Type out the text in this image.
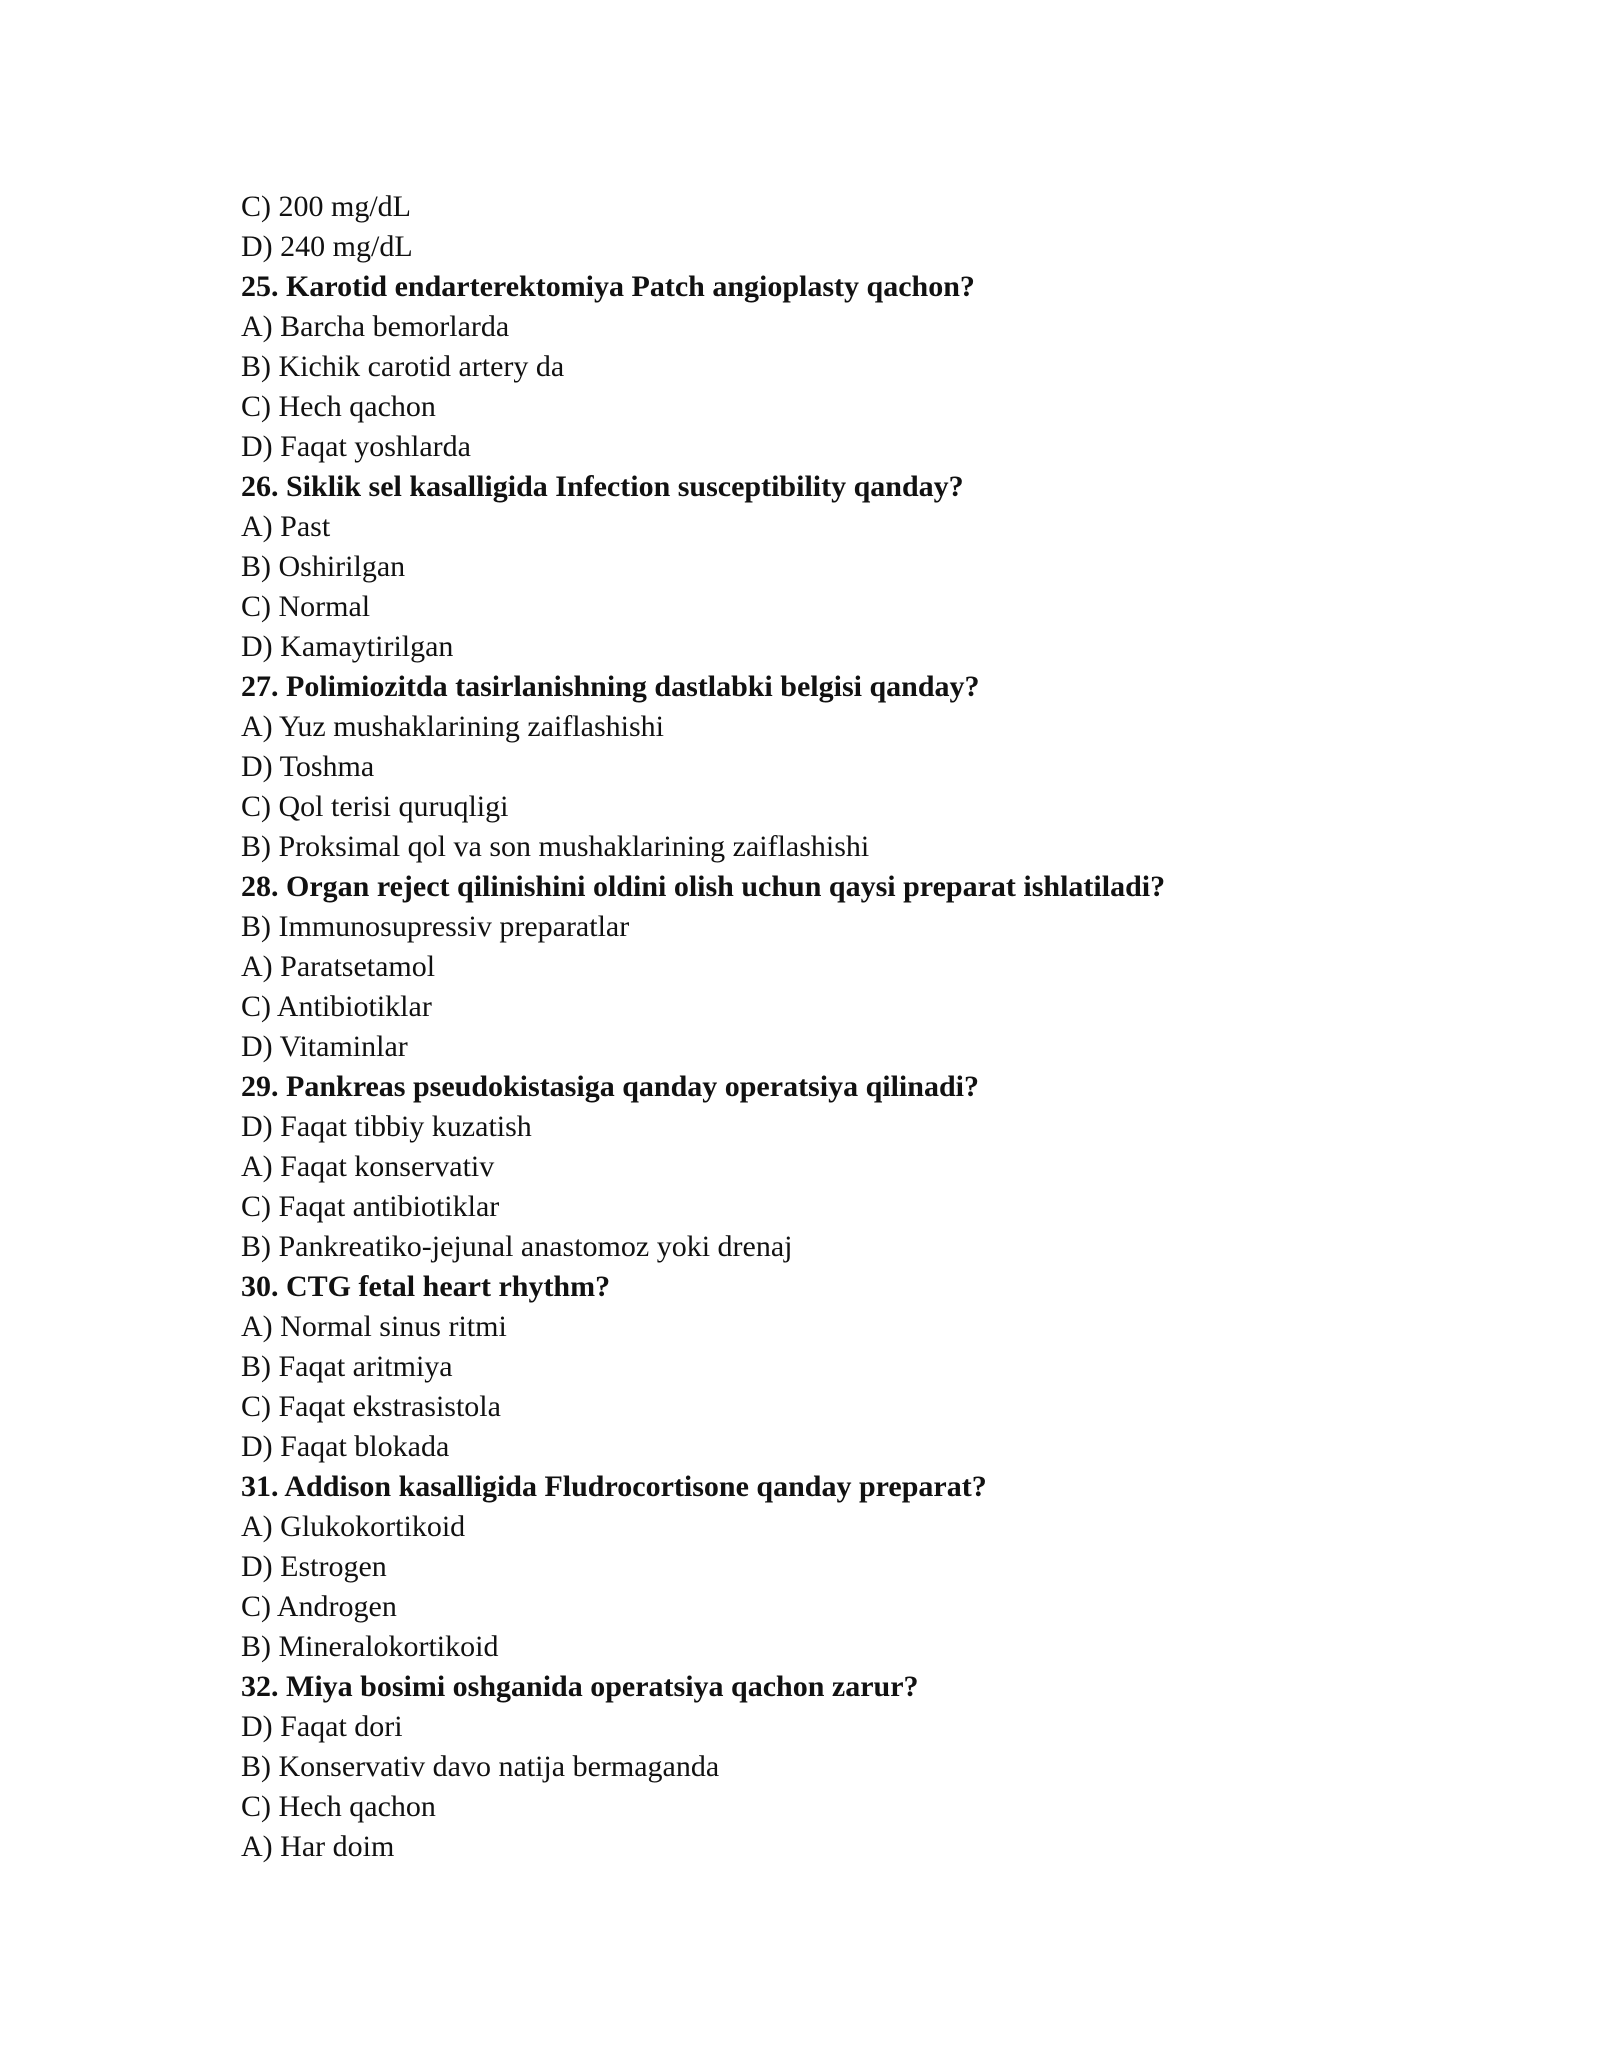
C) 200 mg/dL
D) 240 mg/dL
25. Karotid endarterektomiya Patch angioplasty qachon?
A) Barcha bemorlarda
B) Kichik carotid artery da
C) Hech qachon
D) Faqat yoshlarda
26. Siklik sel kasalligida Infection susceptibility qanday?
A) Past
B) Oshirilgan
C) Normal
D) Kamaytirilgan
27. Polimiozitda tasirlanishning dastlabki belgisi qanday?
A) Yuz mushaklarining zaiflashishi
D) Toshma
C) Qol terisi quruqligi
B) Proksimal qol va son mushaklarining zaiflashishi
28. Organ reject qilinishini oldini olish uchun qaysi preparat ishlatiladi?
B) Immunosupressiv preparatlar
A) Paratsetamol
C) Antibiotiklar
D) Vitaminlar
29. Pankreas pseudokistasiga qanday operatsiya qilinadi?
D) Faqat tibbiy kuzatish
A) Faqat konservativ
C) Faqat antibiotiklar
B) Pankreatiko-jejunal anastomoz yoki drenaj
30. CTG fetal heart rhythm?
A) Normal sinus ritmi
B) Faqat aritmiya
C) Faqat ekstrasistola
D) Faqat blokada
31. Addison kasalligida Fludrocortisone qanday preparat?
A) Glukokortikoid
D) Estrogen
C) Androgen
B) Mineralokortikoid
32. Miya bosimi oshganida operatsiya qachon zarur?
D) Faqat dori
B) Konservativ davo natija bermaganda
C) Hech qachon
A) Har doim
